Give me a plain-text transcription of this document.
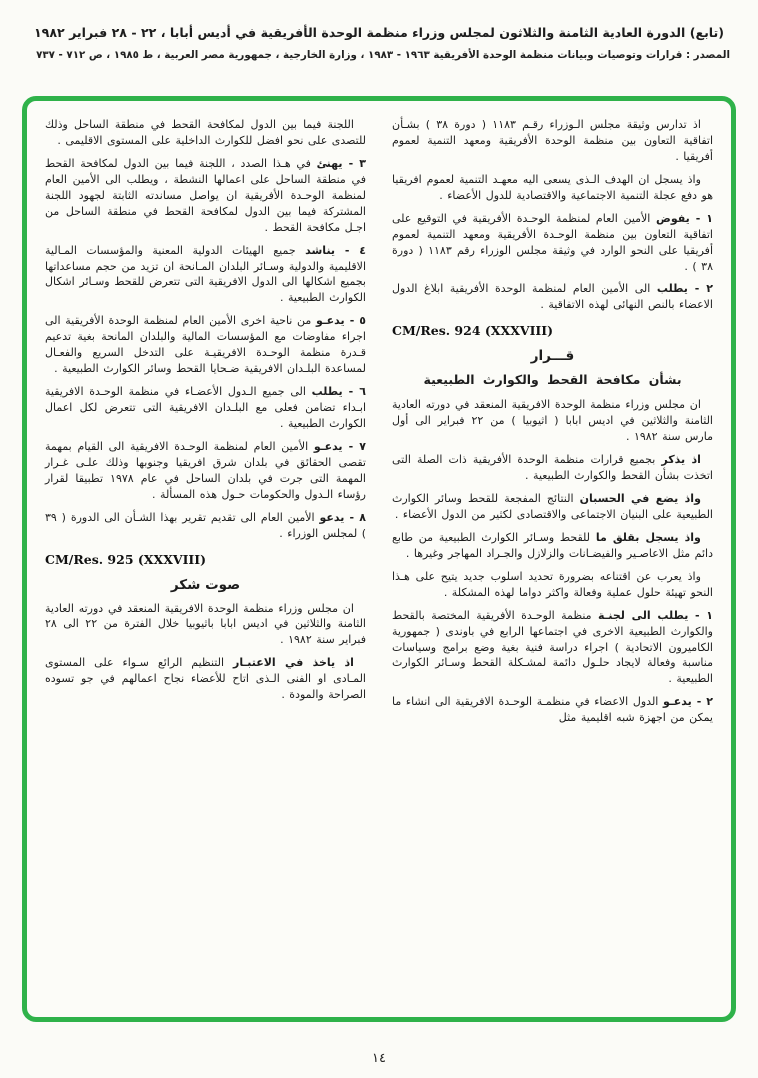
(تابع) الدورة العادية الثامنة والثلاثون لمجلس وزراء منظمة الوحدة الأفريقية في أديس أبابا ، ٢٢ - ٢٨ فبراير ١٩٨٢
المصدر : قرارات وتوصيات وبيانات منظمة الوحدة الأفريقية ١٩٦٣ - ١٩٨٣ ، وزارة الخارجية ، جمهورية مصر العربية ، ط ١٩٨٥ ، ص ٧١٢ - ٧٣٧

اذ تدارس وثيقة مجلس الـوزراء رقـم ١١٨٣ ( دورة ٣٨ ) بشـأن اتفاقية التعاون بين منظمة الوحدة الأفريقية ومعهد التنمية لعموم أفريقيا .

واذ يسجل ان الهدف الـذى يسعى اليه معهـد التنمية لعموم افريقيا هو دفع عجلة التنمية الاجتماعية والاقتصادية للدول الأعضاء .

١ - يفوض الأمين العام لمنظمة الوحـدة الأفريقية في التوقيع على اتفاقية التعاون بين منظمة الوحـدة الأفريقية ومعهد التنمية لعموم أفريقيا على النحو الوارد في وثيقة مجلس الوزراء رقم ١١٨٣ ( دورة ٣٨ ) .

٢ - يطلب الى الأمين العام لمنظمة الوحدة الأفريقية ابلاغ الدول الاعضاء بالنص النهائى لهذه الاتفاقية .

CM/Res. 924 (XXXVIII)

قـــرار
بشأن مكافحة القحط والكوارث الطبيعية

ان مجلس وزراء منظمة الوحدة الافريقية المنعقد في دورته العادية الثامنة والثلاثين في اديس ابابا ( اثيوبيا ) من ٢٢ فبراير الى أول مارس سنة ١٩٨٢ .

اذ يذكر بجميع قرارات منظمة الوحدة الأفريقية ذات الصلة التى اتخذت بشأن القحط والكوارث الطبيعية .

واذ يضع في الحسبان النتائج المفجعة للقحط وسائر الكوارث الطبيعية على البنيان الاجتماعى والاقتصادى لكثير من الدول الأعضاء .

واذ يسجل بقلق ما للقحط وسـائر الكوارث الطبيعية من طابع دائم مثل الاعاصـير والفيضـانات والزلازل والجـراد المهاجر وغيرها .

واذ يعرب عن اقتناعه بضرورة تحديد اسلوب جديد يتيح على هـذا النحو تهيئة حلول عملية وفعالة واكثر دواما لهذه المشكلة .

١ - يطلب الى لجنـة منظمة الوحـدة الأفريقية المختصة بالقحط والكوارث الطبيعية الاخرى في اجتماعها الرابع في باوندى ( جمهورية الكاميرون الاتحادية ) اجراء دراسة فنية بغية وضع برامج وسياسات مناسبة وفعالة لايجاد حلـول دائمة لمشـكلة القحط وسـائر الكوارث الطبيعية .

٢ - يدعـو الدول الاعضاء في منظمـة الوحـدة الافريقية الى انشاء ما يمكن من اجهزة شبه اقليمية مثل

اللجنة فيما بين الدول لمكافحة القحط في منطقة الساحل وذلك للتصدى على نحو افضل للكوارث الداخلية على المستوى الاقليمى .

٣ - يهنئ في هـذا الصدد ، اللجنة فيما بين الدول لمكافحة القحط في منطقة الساحل على اعمالها النشطة ، ويطلب الى الأمين العام لمنظمة الوحـدة الأفريقية ان يواصل مساندته الثابتة لجهود اللجنة المشتركة فيما بين الدول لمكافحة القحط في منطقة الساحل من اجـل مكافحة القحط .

٤ - يناشد جميع الهيئات الدولية المعنية والمؤسسات المـالية الاقليمية والدولية وسـائر البلدان المـانحة ان تزيد من حجم مساعداتها بجميع اشكالها الى الدول الافريقية التى تتعرض للقحط وسـائر اشكال الكوارث الطبيعية .

٥ - يدعـو من ناحية اخرى الأمين العام لمنظمة الوحدة الأفريقية الى اجراء مفاوضات مع المؤسسات المالية والبلدان المانحة بغية تدعيم قـدرة منظمة الوحـدة الافريقيـة على التدخل السريع والفعـال لمساعدة البلـدان الافريقية ضـحايا القحط وسائر الكوارث الطبيعية .

٦ - يطلب الى جميع الـدول الأعضـاء في منظمة الوحـدة الافريقية ابـداء تضامن فعلى مع البلـدان الافريقية التى تتعرض لكل اعمال الكوارث الطبيعية .

٧ - يدعـو الأمين العام لمنظمة الوحـدة الافريقية الى القيام بمهمة تقصى الحقائق في بلدان شرق افريقيا وجنوبها وذلك علـى غـرار المهمة التى جرت في بلدان الساحل في عام ١٩٧٨ تطبيقا لقرار رؤساء الـدول والحكومات حـول هذه المسألة .

٨ - يدعو الأمين العام الى تقديم تقرير بهذا الشـأن الى الدورة ( ٣٩ ) لمجلس الوزراء .

CM/Res. 925 (XXXVIII)

صوت شكر

ان مجلس وزراء منظمة الوحدة الافريقية المنعقد في دورته العادية الثامنة والثلاثين في اديس ابابا باثيوبيا خلال الفترة من ٢٢ الى ٢٨ فبراير سنة ١٩٨٢ .

اذ ياخذ في الاعتبـار التنظيم الرائع سـواء على المستوى المـادى او الفنى الـذى اتاح للأعضاء نجاح اعمالهم في جو تسوده الصراحة والمودة .

١٤
